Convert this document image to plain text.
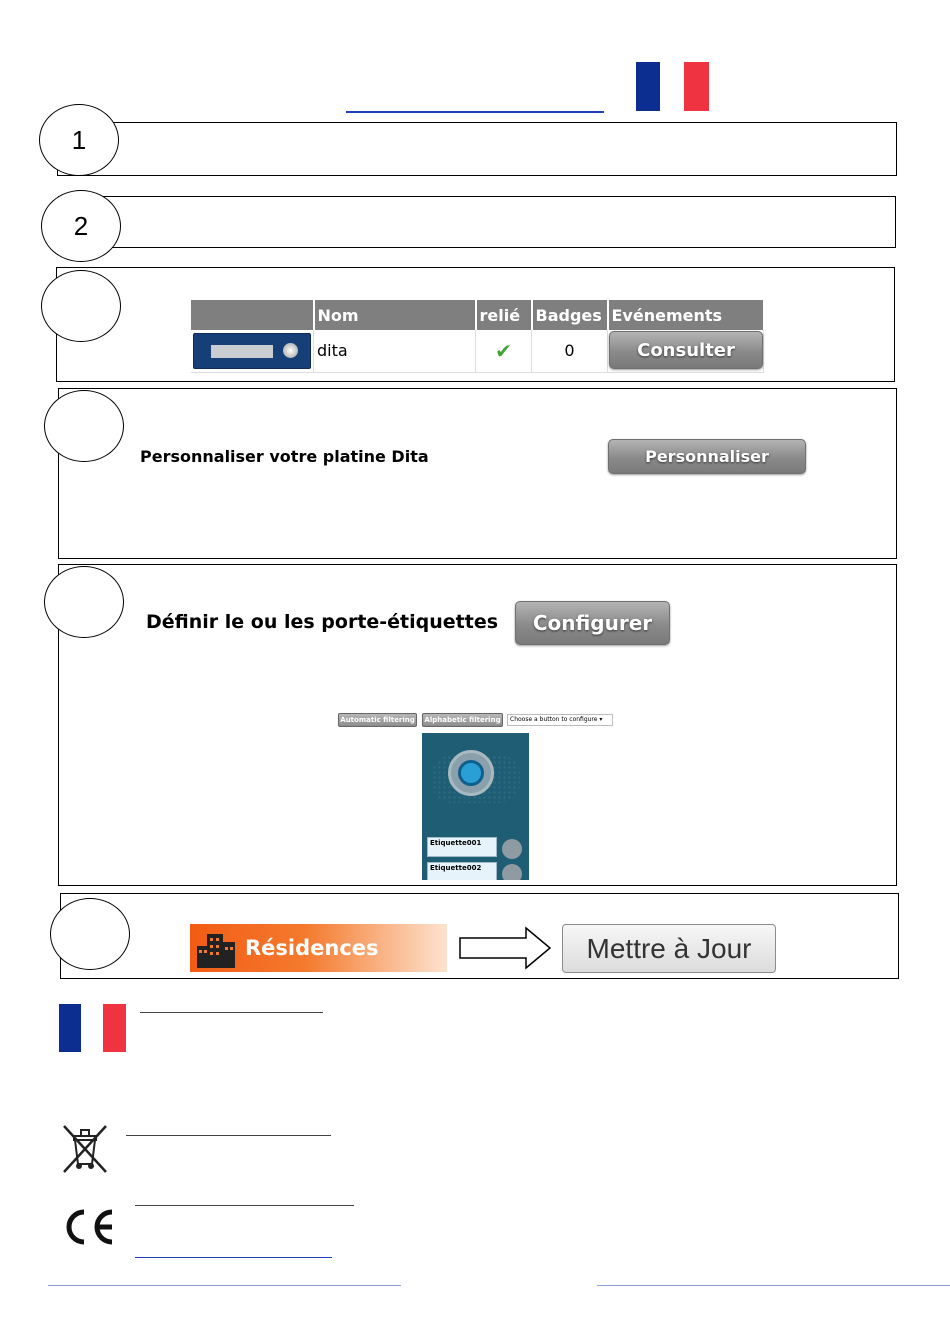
1
2
	Nom	relié	Badges	Evénements

	dita	✔	0	Consulter
Personnaliser votre platine Dita	Personnaliser
Définir le ou les porte-étiquettes	Configurer
Automatic filtering	Alphabetic filtering	Choose a button to configure ▾
Etiquette001
Etiquette002
Résidences	Mettre à Jour
